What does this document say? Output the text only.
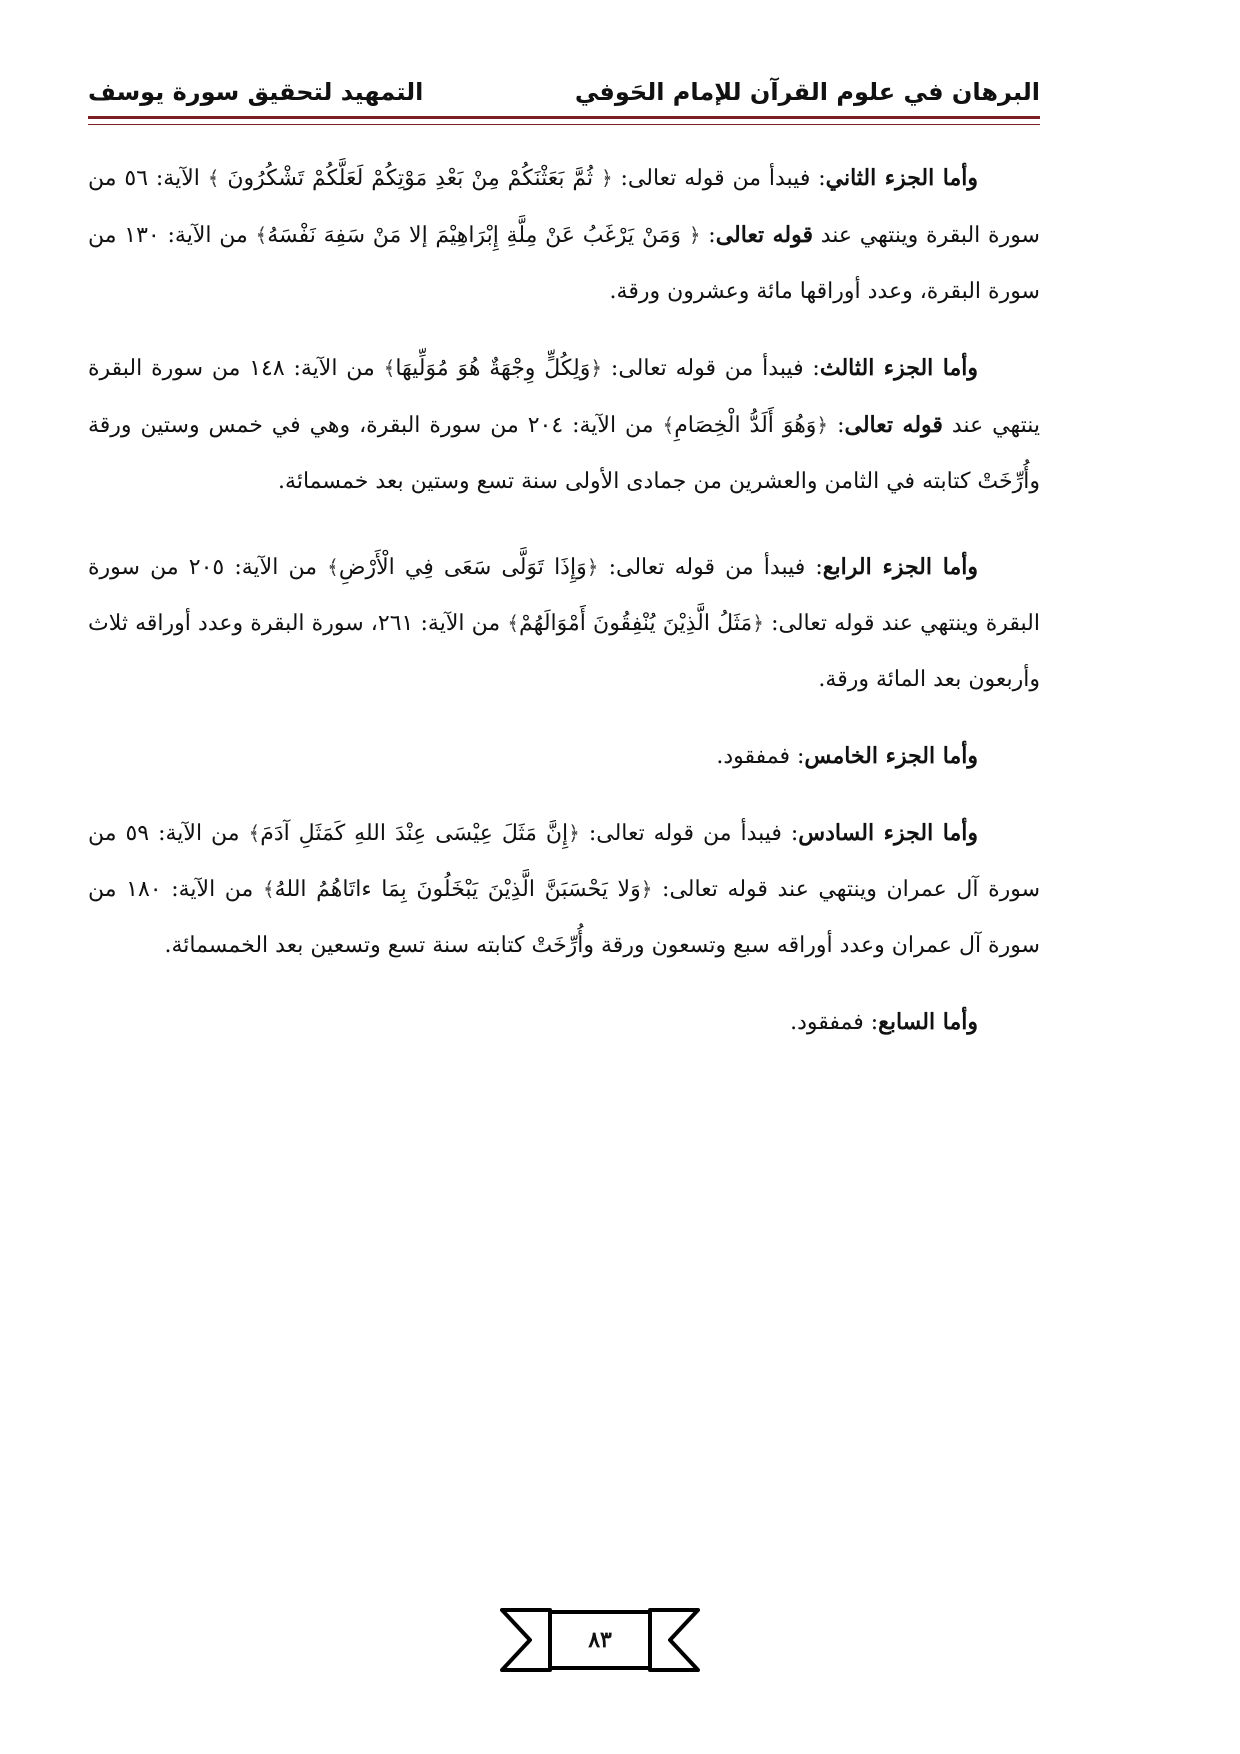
البرهان في علوم القرآن للإمام الحَوفي
التمهيد لتحقيق سورة يوسف

وأما الجزء الثاني: فيبدأ من قوله تعالى: ﴿ ثُمَّ بَعَثْنَكُمْ مِنْ بَعْدِ مَوْتِكُمْ لَعَلَّكُمْ تَشْكُرُونَ ﴾ الآية: ٥٦ من سورة البقرة وينتهي عند قوله تعالى: ﴿ وَمَنْ يَرْغَبُ عَنْ مِلَّةِ إِبْرَاهِيْمَ إلا مَنْ سَفِهَ نَفْسَهُ﴾ من الآية: ١٣٠ من سورة البقرة، وعدد أوراقها مائة وعشرون ورقة.

وأما الجزء الثالث: فيبدأ من قوله تعالى: ﴿وَلِكُلٍّ وِجْهَةٌ هُوَ مُوَلِّيهَا﴾ من الآية: ١٤٨ من سورة البقرة ينتهي عند قوله تعالى: ﴿وَهُوَ أَلَدُّ الْخِصَامِ﴾ من الآية: ٢٠٤ من سورة البقرة، وهي في خمس وستين ورقة وأُرِّخَتْ كتابته في الثامن والعشرين من جمادى الأولى سنة تسع وستين بعد خمسمائة.

وأما الجزء الرابع: فيبدأ من قوله تعالى: ﴿وَإِذَا تَوَلَّى سَعَى فِي الْأَرْضِ﴾ من الآية: ٢٠٥ من سورة البقرة وينتهي عند قوله تعالى: ﴿مَثَلُ الَّذِيْنَ يُنْفِقُونَ أَمْوَالَهُمْ﴾ من الآية: ٢٦١، سورة البقرة وعدد أوراقه ثلاث وأربعون بعد المائة ورقة.

وأما الجزء الخامس: فمفقود.

وأما الجزء السادس: فيبدأ من قوله تعالى: ﴿إِنَّ مَثَلَ عِيْسَى عِنْدَ اللهِ كَمَثَلِ آدَمَ﴾ من الآية: ٥٩ من سورة آل عمران وينتهي عند قوله تعالى: ﴿وَلا يَحْسَبَنَّ الَّذِيْنَ يَبْخَلُونَ بِمَا ءاتَاهُمُ اللهُ﴾ من الآية: ١٨٠ من سورة آل عمران وعدد أوراقه سبع وتسعون ورقة وأُرِّخَتْ كتابته سنة تسع وتسعين بعد الخمسمائة.

وأما السابع: فمفقود.

٨٣
